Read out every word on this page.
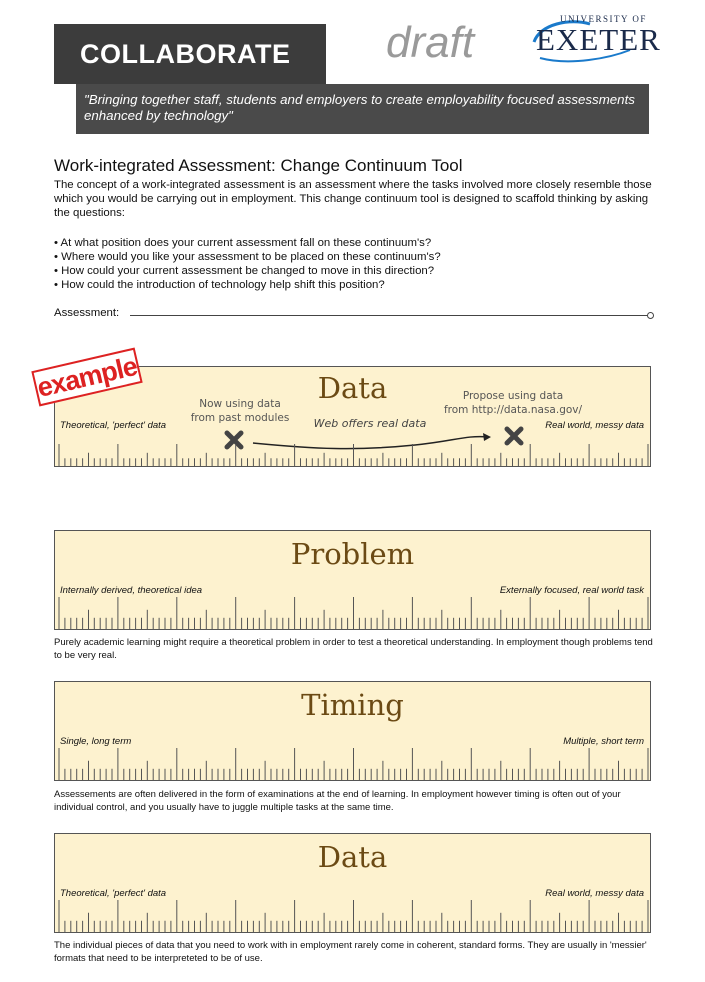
COLLABORATE	draft	UNIVERSITY OF
EXETER
"Bringing together staff, students and employers to create employability focused assessments enhanced by technology"
Work-integrated Assessment: Change Continuum Tool
The concept of a work-integrated assessment is an assessment where the tasks involved more closely resemble those which you would be carrying out in employment. This change continuum tool is designed to scaffold thinking by asking the questions:
• At what position does your current assessment fall on these continuum's?
• Where would you like your assessment to be placed on these continuum's?
• How could your current assessment be changed to move in this direction?
• How could the introduction of technology help shift this position?
Assessment:
Data
Theoretical, 'perfect' data	Real world, messy data
Now using data
from past modules
Propose using data
from http://data.nasa.gov/
Web offers real data
example
Problem
Internally derived, theoretical idea	Externally focused, real world task
Purely academic learning might require a theoretical problem in order to test a theoretical understanding. In employment though problems tend to be very real.
Timing
Single, long term	Multiple, short term
Assessements are often delivered in the form of examinations at the end of learning. In employment however timing is often out of your individual control, and you usually have to juggle multiple tasks at the same time.
Data
Theoretical, 'perfect' data	Real world, messy data
The individual pieces of data that you need to work with in employment rarely come in coherent, standard forms. They are usually in 'messier' formats that need to be interpreteted to be of use.
